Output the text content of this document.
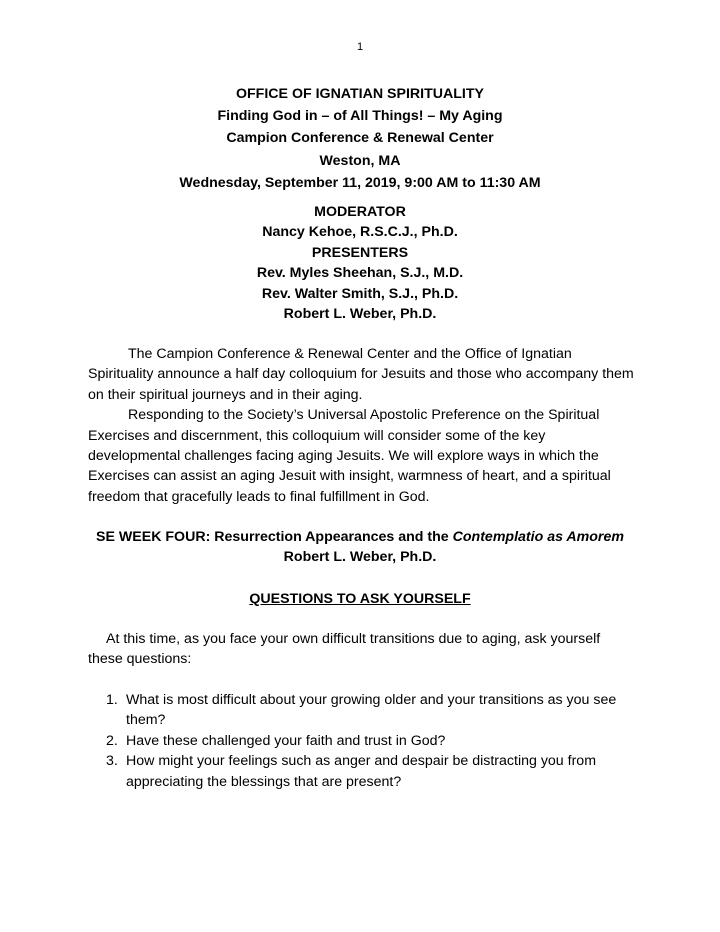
1
OFFICE OF IGNATIAN SPIRITUALITY
Finding God in – of All Things! – My Aging
Campion Conference & Renewal Center
Weston, MA
Wednesday, September 11, 2019, 9:00 AM to 11:30 AM
MODERATOR
Nancy Kehoe, R.S.C.J., Ph.D.
PRESENTERS
Rev. Myles Sheehan, S.J., M.D.
Rev. Walter Smith, S.J., Ph.D.
Robert L. Weber, Ph.D.

The Campion Conference & Renewal Center and the Office of Ignatian Spirituality announce a half day colloquium for Jesuits and those who accompany them on their spiritual journeys and in their aging.

Responding to the Society’s Universal Apostolic Preference on the Spiritual Exercises and discernment, this colloquium will consider some of the key developmental challenges facing aging Jesuits. We will explore ways in which the Exercises can assist an aging Jesuit with insight, warmness of heart, and a spiritual freedom that gracefully leads to final fulfillment in God.

SE WEEK FOUR: Resurrection Appearances and the Contemplatio as Amorem
Robert L. Weber, Ph.D.
QUESTIONS TO ASK YOURSELF
At this time, as you face your own difficult transitions due to aging, ask yourself these questions:
1. What is most difficult about your growing older and your transitions as you see them?
2. Have these challenged your faith and trust in God?
3. How might your feelings such as anger and despair be distracting you from appreciating the blessings that are present?
